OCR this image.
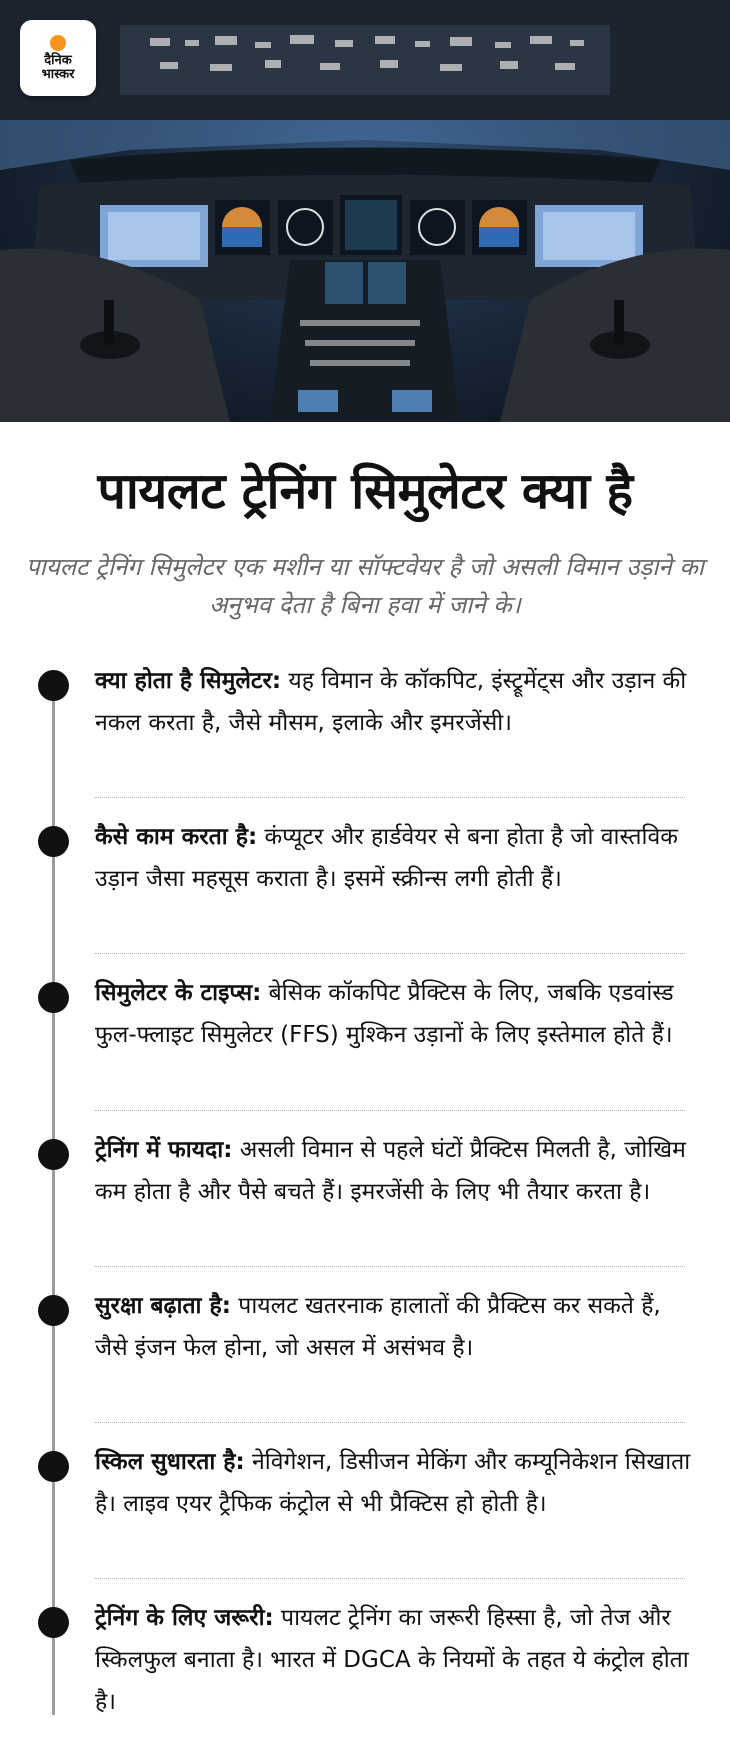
दैनिक
भास्कर
पायलट ट्रेनिंग सिमुलेटर क्या है

पायलट ट्रेनिंग सिमुलेटर एक मशीन या सॉफ्टवेयर है जो असली विमान उड़ाने का अनुभव देता है बिना हवा में जाने के।

क्या होता है सिमुलेटर: यह विमान के कॉकपिट, इंस्ट्रूमेंट्स और उड़ान की नकल करता है, जैसे मौसम, इलाके और इमरजेंसी।

कैसे काम करता है: कंप्यूटर और हार्डवेयर से बना होता है जो वास्तविक उड़ान जैसा महसूस कराता है। इसमें स्क्रीन्स लगी होती हैं।

सिमुलेटर के टाइप्स: बेसिक कॉकपिट प्रैक्टिस के लिए, जबकि एडवांस्ड फुल-फ्लाइट सिमुलेटर (FFS) मुश्किन उड़ानों के लिए इस्तेमाल होते हैं।

ट्रेनिंग में फायदा: असली विमान से पहले घंटों प्रैक्टिस मिलती है, जोखिम कम होता है और पैसे बचते हैं। इमरजेंसी के लिए भी तैयार करता है।

सुरक्षा बढ़ाता है: पायलट खतरनाक हालातों की प्रैक्टिस कर सकते हैं, जैसे इंजन फेल होना, जो असल में असंभव है।

स्किल सुधारता है: नेविगेशन, डिसीजन मेकिंग और कम्यूनिकेशन सिखाता है। लाइव एयर ट्रैफिक कंट्रोल से भी प्रैक्टिस हो होती है।

ट्रेनिंग के लिए जरूरी: पायलट ट्रेनिंग का जरूरी हिस्सा है, जो तेज और स्किलफुल बनाता है। भारत में DGCA के नियमों के तहत ये कंट्रोल होता है।
